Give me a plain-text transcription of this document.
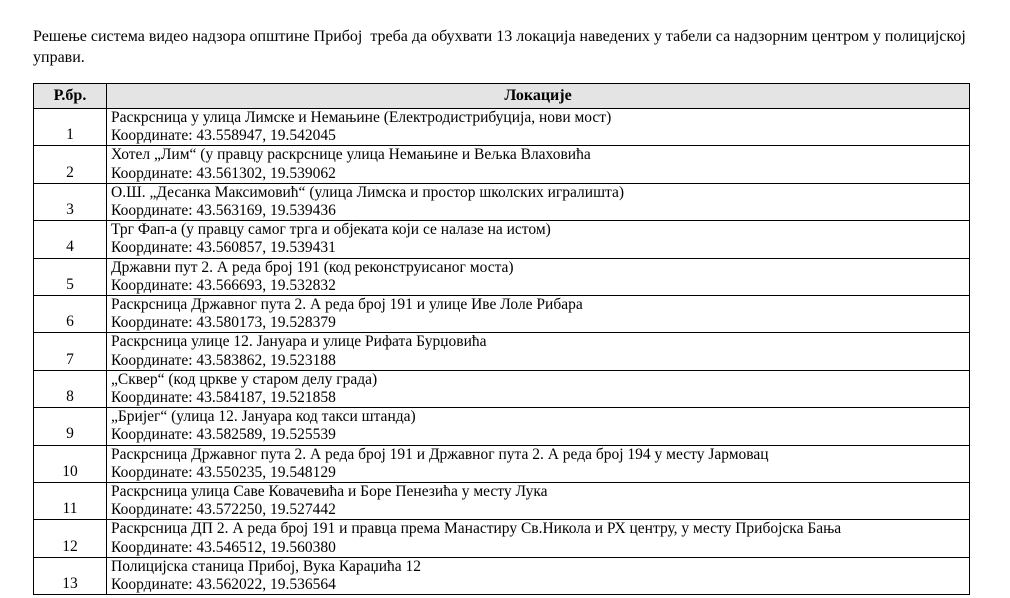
Решење система видео надзора општине Прибој  треба да обухвати 13 локација наведених у табели са надзорним центром у полицијској управи.

Р.бр.	Локације
1	Раскрсница у улица Лимске и Немањине (Електродистрибуција, нови мост)
Координате: 43.558947, 19.542045

2	Хотел „Лим“ (у правцу раскрснице улица Немањине и Вељка Влаховића
Координате: 43.561302, 19.539062

3	О.Ш. „Десанка Максимовић“ (улица Лимска и простор школских игралишта)
Координате: 43.563169, 19.539436

4	Трг Фап-а (у правцу самог трга и објеката који се налазе на истом)
Координате: 43.560857, 19.539431

5	Државни пут 2. А реда број 191 (код реконструисаног моста)
Координате: 43.566693, 19.532832

6	Раскрсница Државног пута 2. А реда број 191 и улице Иве Лоле Рибара
Координате: 43.580173, 19.528379

7	Раскрсница улице 12. Јануара и улице Рифата Бурџовића
Координате: 43.583862, 19.523188

8	„Сквер“ (код цркве у старом делу града)
Координате: 43.584187, 19.521858

9	„Бријег“ (улица 12. Јануара код такси штанда)
Координате: 43.582589, 19.525539

10	Раскрсница Државног пута 2. А реда број 191 и Државног пута 2. А реда број 194 у месту Јармовац
Координате: 43.550235, 19.548129

11	Раскрсница улица Саве Ковачевића и Боре Пенезића у месту Лука
Координате: 43.572250, 19.527442

12	Раскрсница ДП 2. А реда број 191 и правца према Манастиру Св.Никола и РХ центру, у месту Прибојска Бања
Координате: 43.546512, 19.560380

13	Полицијска станица Прибој, Вука Караџића 12
Координате: 43.562022, 19.536564
